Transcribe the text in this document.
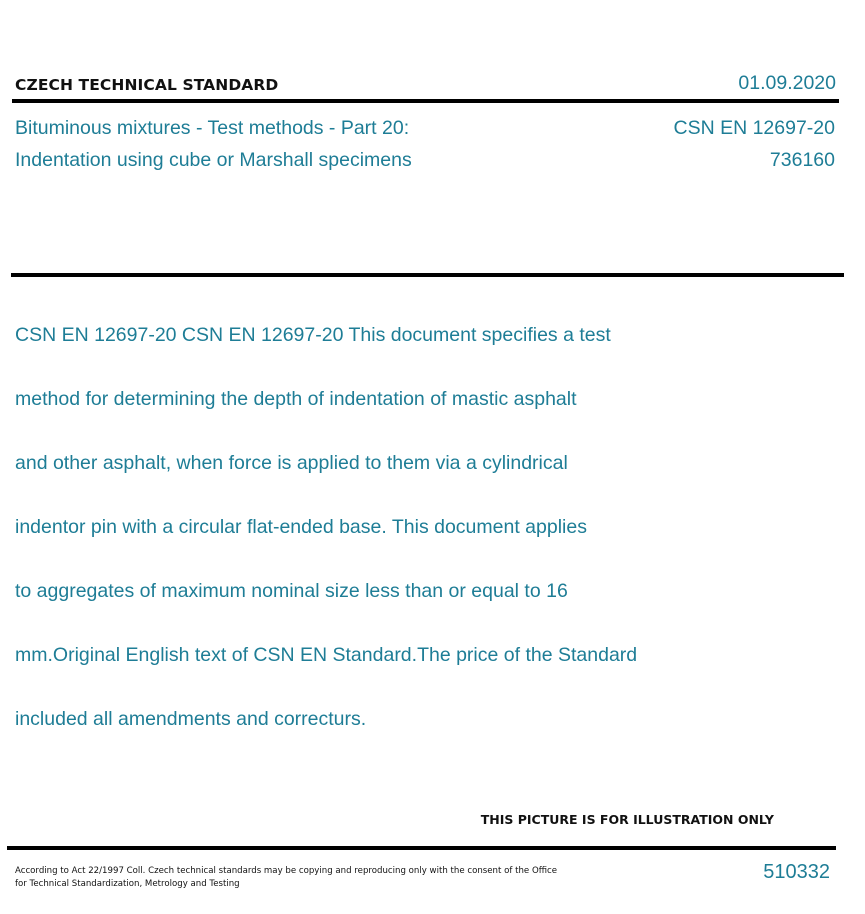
CZECH TECHNICAL STANDARD	01.09.2020
Bituminous mixtures - Test methods - Part 20:
Indentation using cube or Marshall specimens
CSN EN 12697-20
736160

CSN EN 12697-20 CSN EN 12697-20 This document specifies a test

method for determining the depth of indentation of mastic asphalt

and other asphalt, when force is applied to them via a cylindrical

indentor pin with a circular flat-ended base. This document applies

to aggregates of maximum nominal size less than or equal to 16

mm.Original English text of CSN EN Standard.The price of the Standard

included all amendments and correcturs.

THIS PICTURE IS FOR ILLUSTRATION ONLY
According to Act 22/1997 Coll. Czech technical standards may be copying and reproducing only with the consent of the Office
for Technical Standardization, Metrology and Testing
510332
